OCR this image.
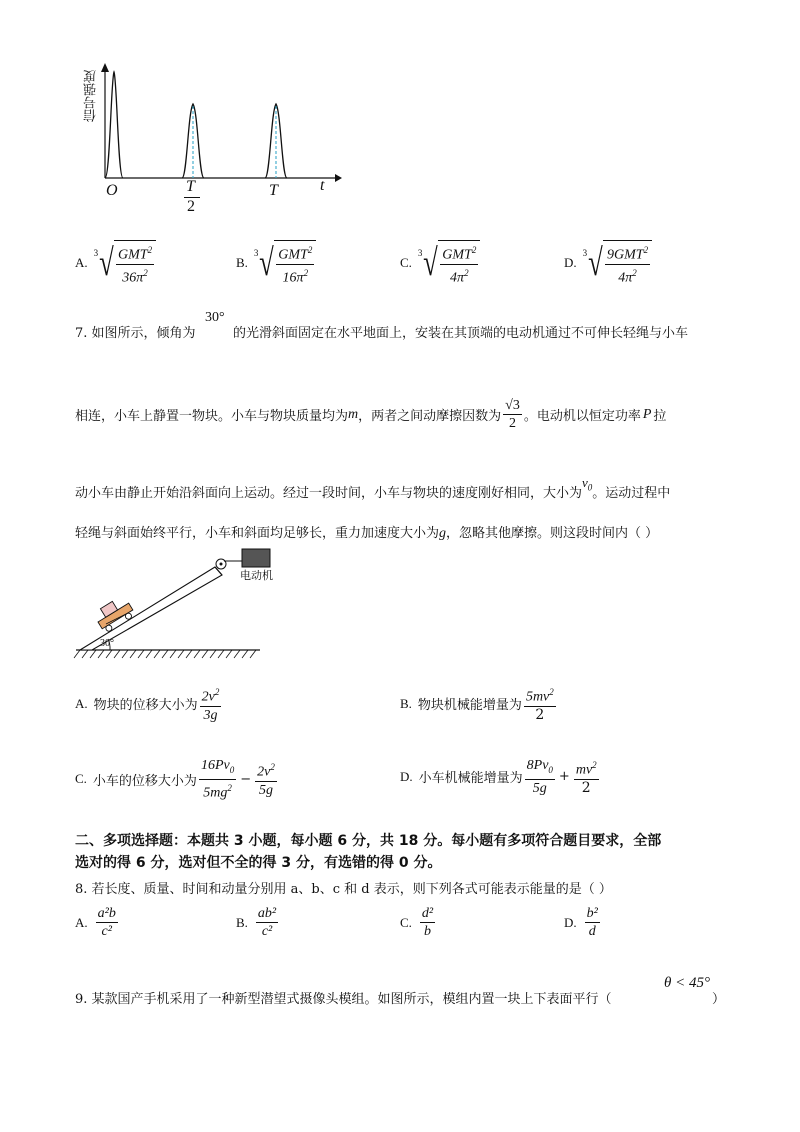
信号强度
O	T
2
T	t
A.
3 √ $\frac{GMT^2}{36\pi^2}$	B.
3 √ $\frac{GMT^2}{16\pi^2}$	C.
3 √ $\frac{GMT^2}{4\pi^2}$	D.
3 √ $\frac{9GMT^2}{4\pi^2}$
7. 如图所示，倾角为
30°
的光滑斜面固定在水平地面上，安装在其顶端的电动机通过不可伸长轻绳与小车
相连，小车上静置一物块。小车与物块质量均为 m ，两者之间动摩擦因数为 $\frac{√3}{2}$ 。电动机以恒定功率 P 拉
动小车由静止开始沿斜面向上运动。经过一段时间，小车与物块的速度刚好相同，大小为
$v_0$ 。运动过程中
轻绳与斜面始终平行，小车和斜面均足够长，重力加速度大小为g，忽略其他摩擦。则这段时间内（ ）
电动机
30°
A. 物块的位移大小为 $\frac{2v^2}{3g}$	B. 物块机械能增量为 $\frac{5mv^2}{2}$
C. 小车的位移大小为 $\frac{16Pv_0}{5mg^2} - \frac{2v^2}{5g}$	D. 小车机械能增量为 $\frac{8Pv_0}{5g} + \frac{mv^2}{2}$
二、多项选择题：本题共 3 小题，每小题 6 分，共 18 分。每小题有多项符合题目要求，全部
选对的得 6 分，选对但不全的得 3 分，有选错的得 0 分。
8. 若长度、质量、时间和动量分别用 a、b、c 和 d 表示，则下列各式可能表示能量的是（ ）
A. $\frac{\text{a²b}}{\text{c²}}$	B. $\frac{\text{ab²}}{\text{c²}}$	C. $\frac{\text{d²}}{b}$	D. $\frac{\text{b²}}{d}$
9. 某款国产手机采用了一种新型潜望式摄像头模组。如图所示，模组内置一块上下表面平行（
θ < 45°
）
